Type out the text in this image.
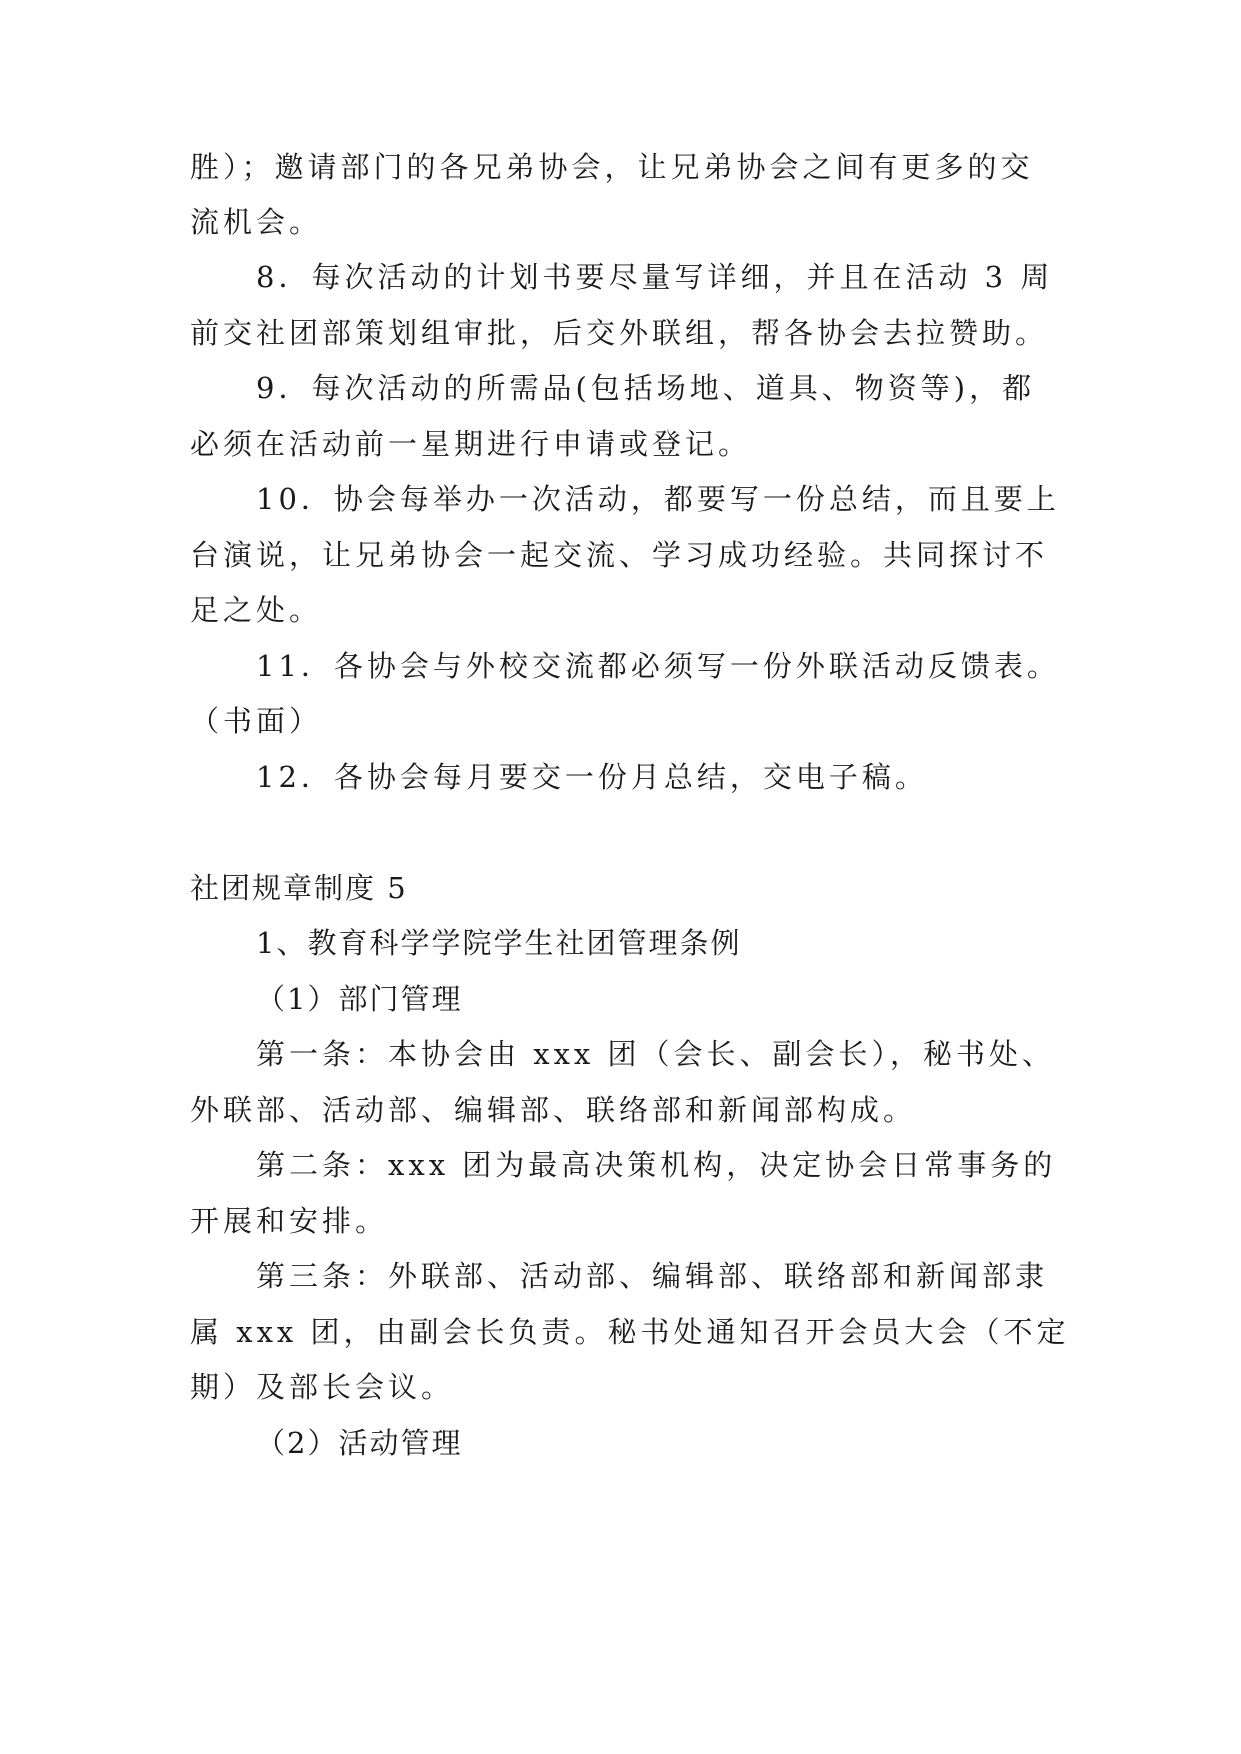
胜）；邀请部门的各兄弟协会，让兄弟协会之间有更多的交
流机会。
8．每次活动的计划书要尽量写详细，并且在活动 3 周
前交社团部策划组审批，后交外联组，帮各协会去拉赞助。
9．每次活动的所需品(包括场地、道具、物资等)，都
必须在活动前一星期进行申请或登记。
10．协会每举办一次活动，都要写一份总结，而且要上
台演说，让兄弟协会一起交流、学习成功经验。共同探讨不
足之处。
11．各协会与外校交流都必须写一份外联活动反馈表。
（书面）
12．各协会每月要交一份月总结，交电子稿。
社团规章制度 5
1、教育科学学院学生社团管理条例
（1）部门管理
第一条：本协会由 xxx 团（会长、副会长），秘书处、
外联部、活动部、编辑部、联络部和新闻部构成。
第二条：xxx 团为最高决策机构，决定协会日常事务的
开展和安排。
第三条：外联部、活动部、编辑部、联络部和新闻部隶
属 xxx 团，由副会长负责。秘书处通知召开会员大会（不定
期）及部长会议。
（2）活动管理
